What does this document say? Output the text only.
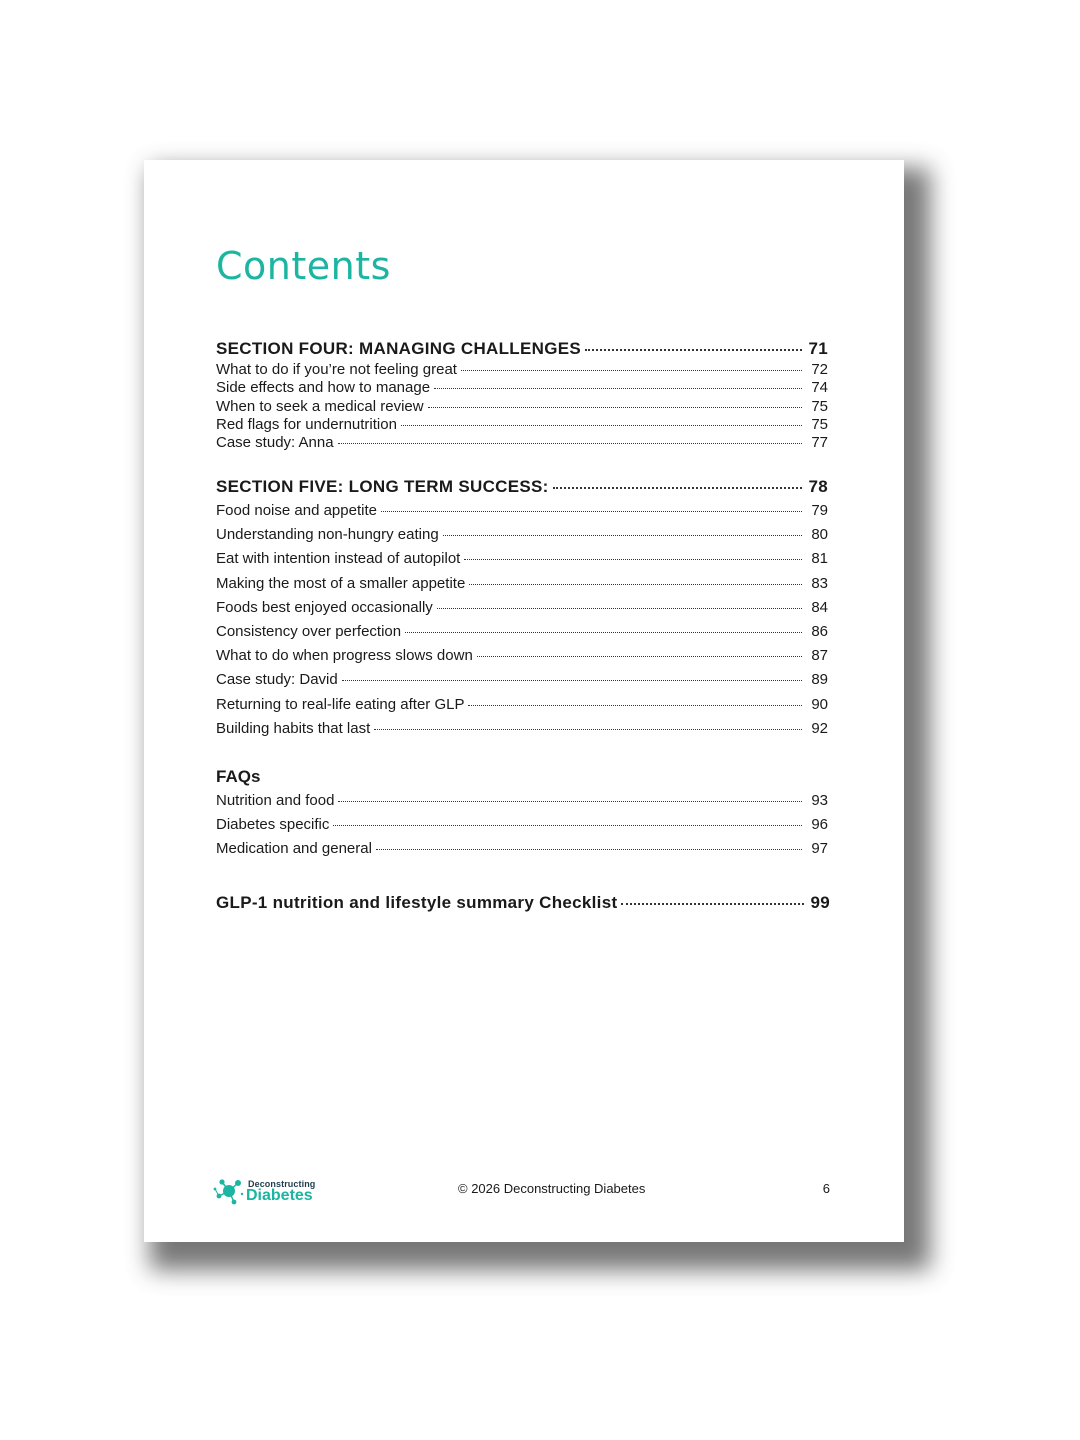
Contents
SECTION FOUR: MANAGING CHALLENGES	71
What to do if you’re not feeling great	72
Side effects and how to manage	74
When to seek a medical review	75
Red flags for undernutrition	75
Case study: Anna	77
SECTION FIVE: LONG TERM SUCCESS:	78
Food noise and appetite	79
Understanding non-hungry eating	80
Eat with intention instead of autopilot	81
Making the most of a smaller appetite	83
Foods best enjoyed occasionally	84
Consistency over perfection	86
What to do when progress slows down	87
Case study: David	89
Returning to real-life eating after GLP	90
Building habits that last	92
FAQs
Nutrition and food	93
Diabetes specific	96
Medication and general	97
GLP-1 nutrition and lifestyle summary Checklist	99
Deconstructing
Diabetes	© 2026 Deconstructing Diabetes	6
